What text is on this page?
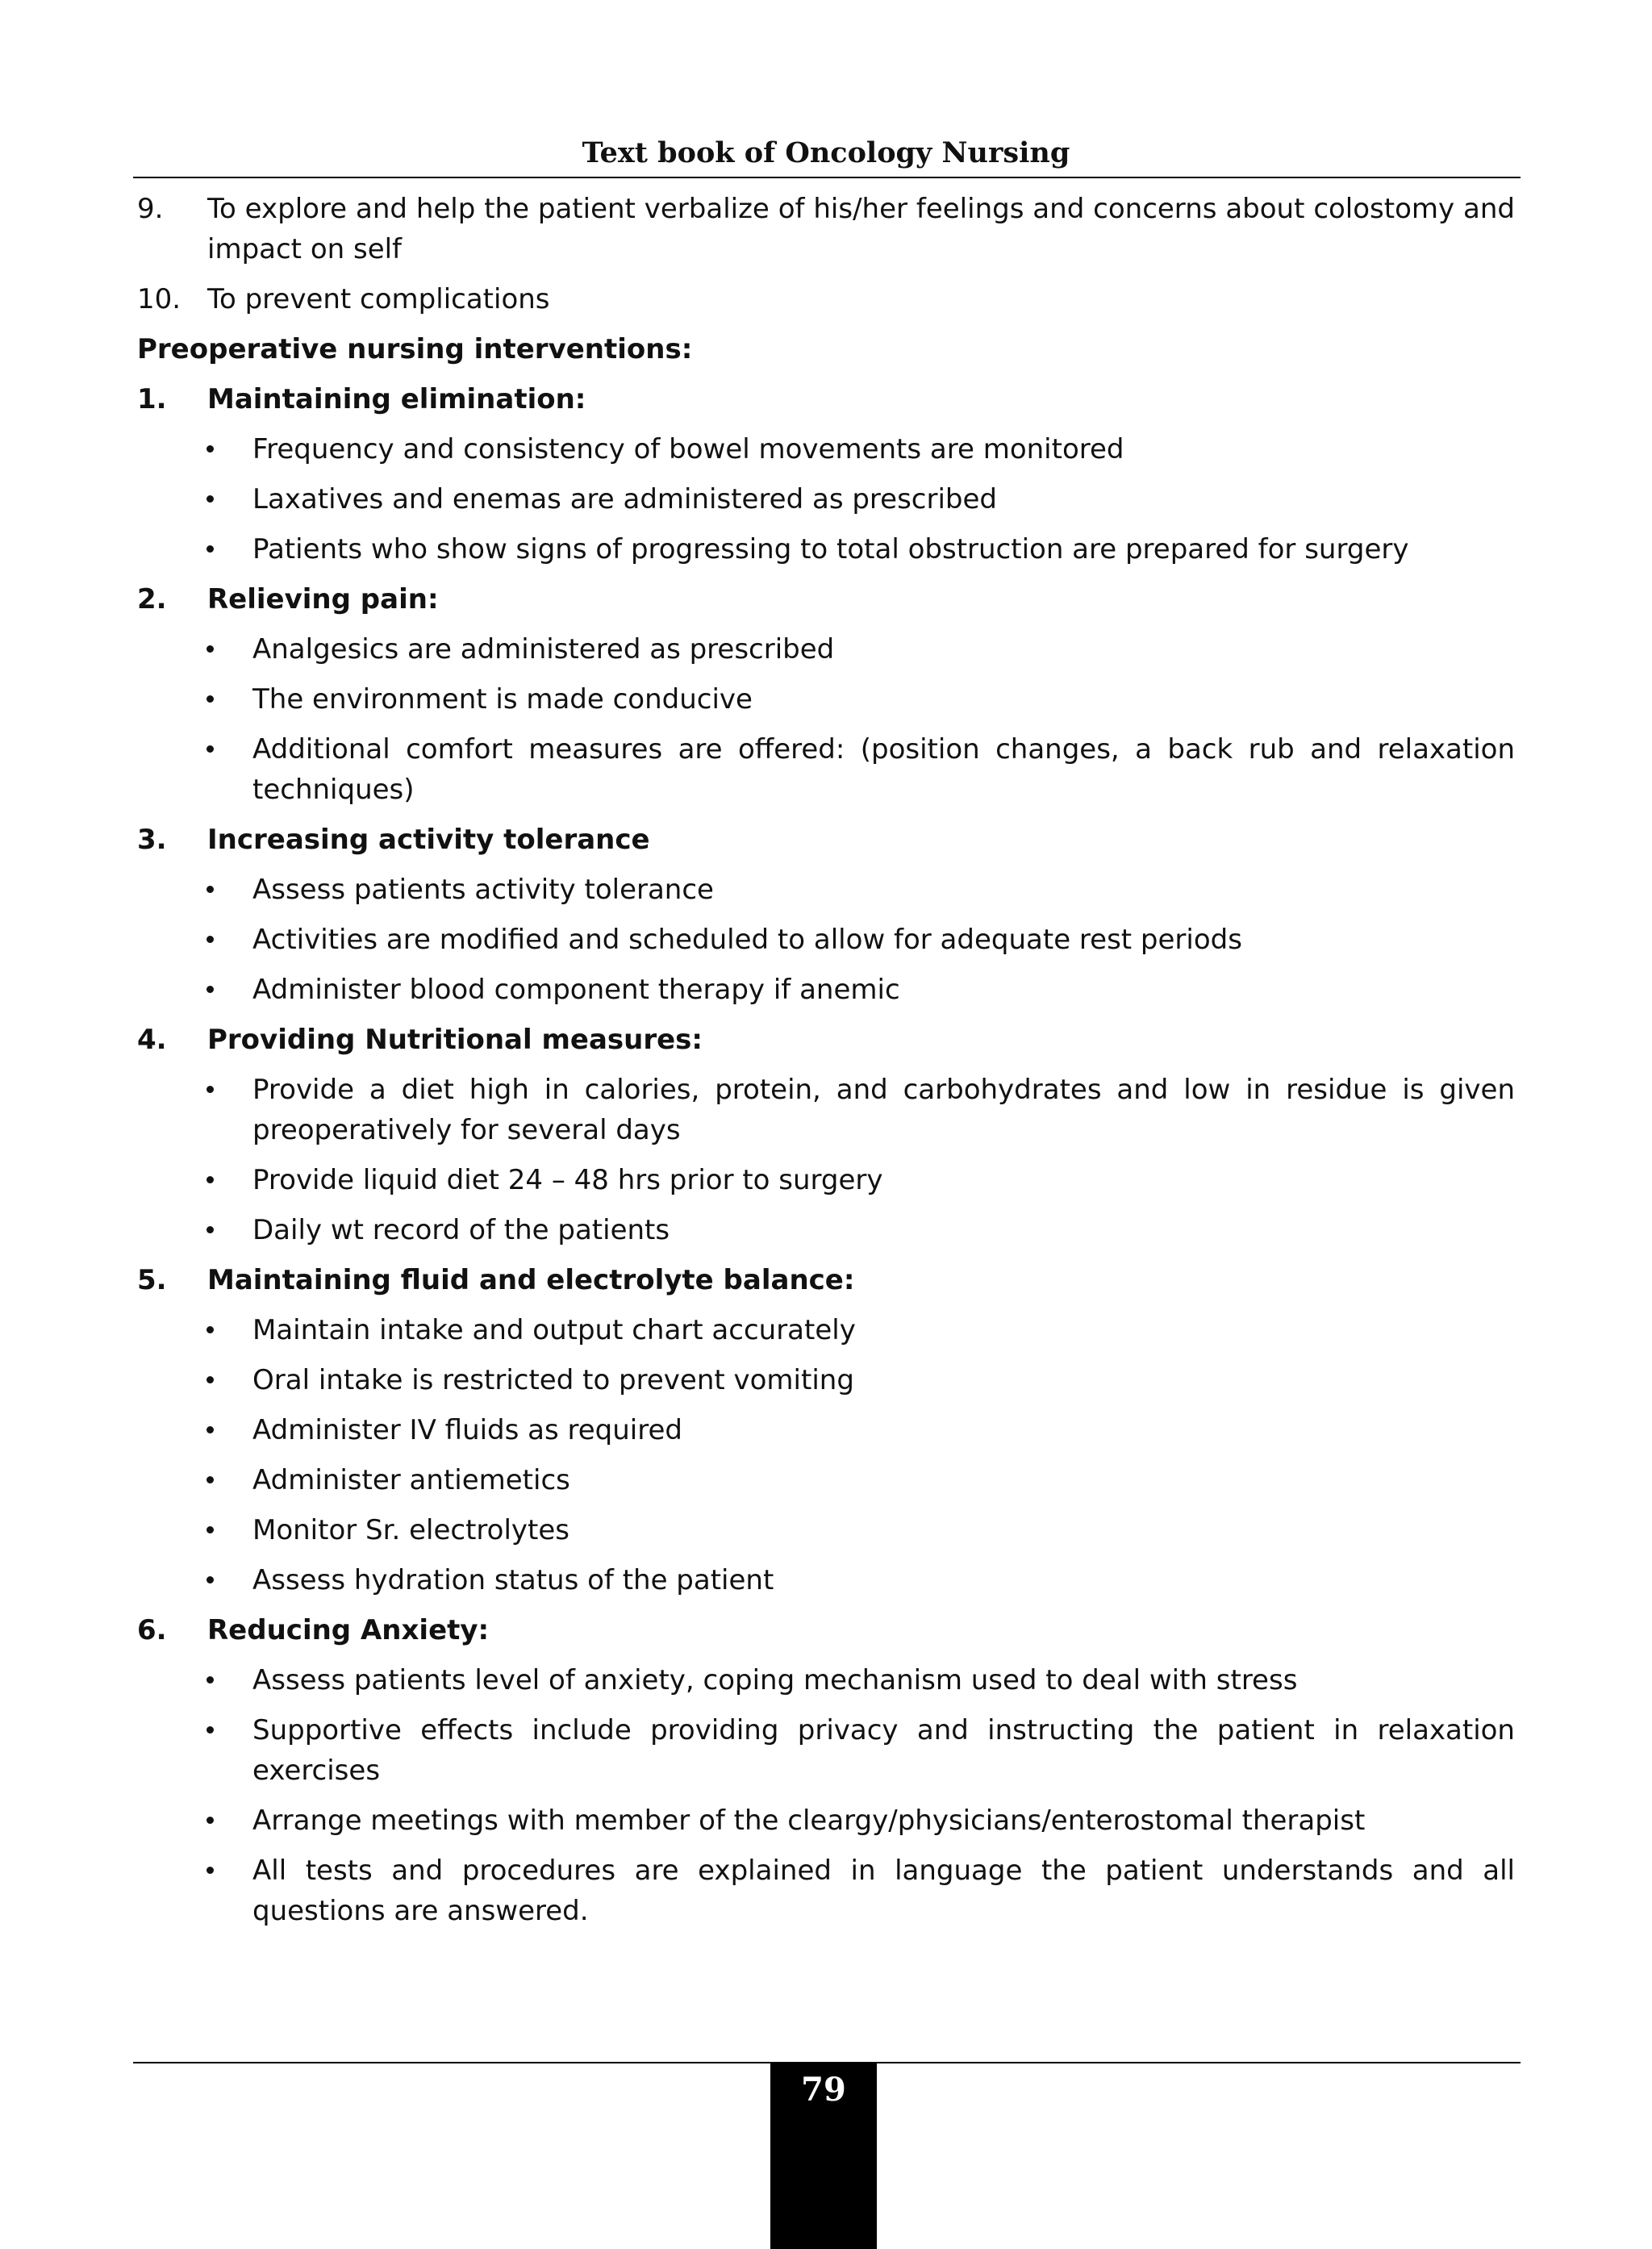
Text book of Oncology Nursing
9.	To explore and help the patient verbalize of his/her feelings and concerns about colostomy and impact on self
10. To prevent complications
Preoperative nursing interventions:
1.	Maintaining elimination:
Frequency and consistency of bowel movements are monitored
Laxatives and enemas are administered as prescribed
Patients who show signs of progressing to total obstruction are prepared for surgery
2.	Relieving pain:
Analgesics are administered as prescribed
The environment is made conducive
Additional comfort measures are offered: (position changes, a back rub and relaxation techniques)
3.	Increasing activity tolerance
Assess patients activity tolerance
Activities are modified and scheduled to allow for adequate rest periods
Administer blood component therapy if anemic
4.	Providing Nutritional measures:
Provide a diet high in calories, protein, and carbohydrates and low in residue is given preoperatively for several days
Provide liquid diet 24 – 48 hrs prior to surgery
Daily wt record of the patients
5.	Maintaining fluid and electrolyte balance:
Maintain intake and output chart accurately
Oral intake is restricted to prevent vomiting
Administer IV fluids as required
Administer antiemetics
Monitor Sr. electrolytes
Assess hydration status of the patient
6.	Reducing Anxiety:
Assess patients level of anxiety, coping mechanism used to deal with stress
Supportive effects include providing privacy and instructing the patient in relaxation exercises
Arrange meetings with member of the cleargy/physicians/enterostomal therapist
All tests and procedures are explained in language the patient understands and all questions are answered.
79
